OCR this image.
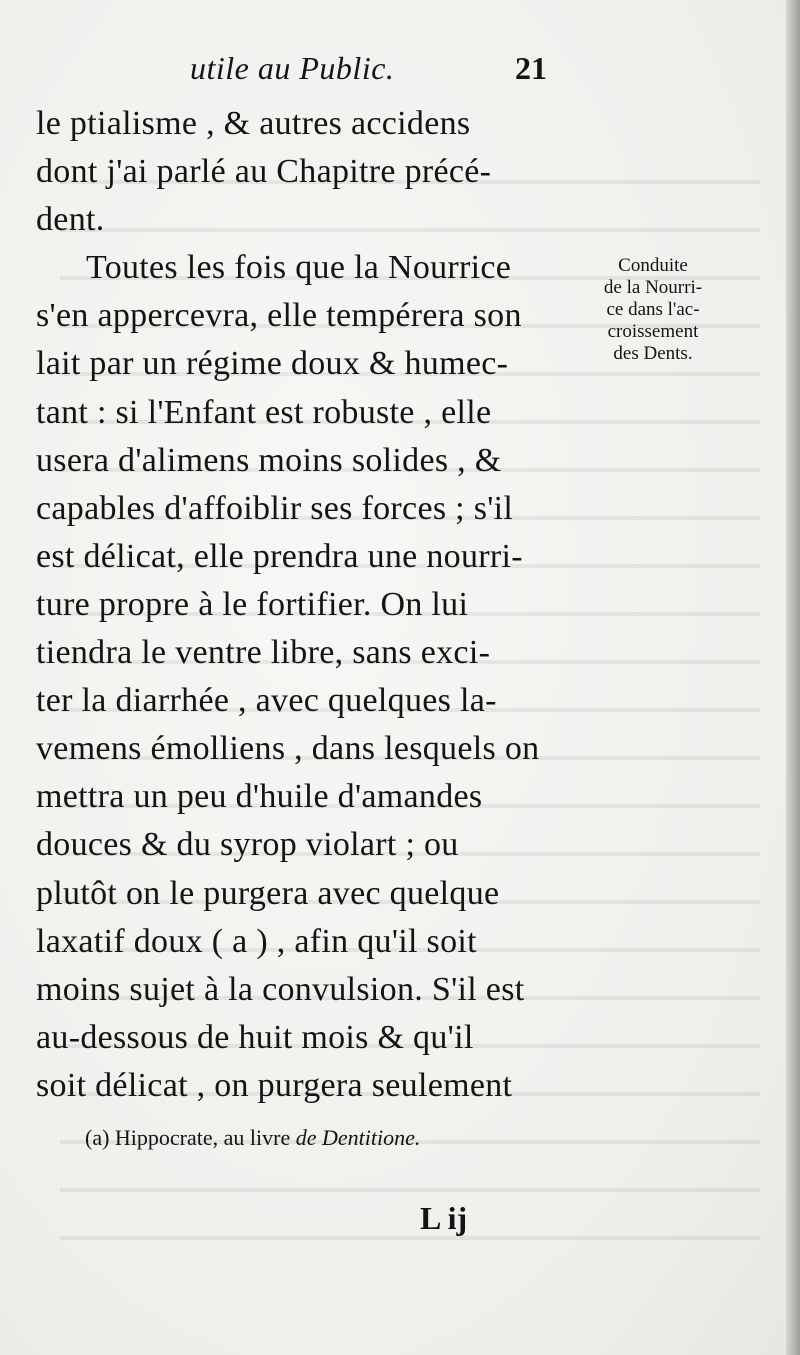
utile au Public.	21
le ptialisme , & autres accidens
dont j'ai parlé au Chapitre précé-
dent.
Toutes les fois que la Nourrice
s'en appercevra, elle tempérera son
lait par un régime doux & humec-
tant : si l'Enfant est robuste , elle
usera d'alimens moins solides , &
capables d'affoiblir ses forces ; s'il
est délicat, elle prendra une nourri-
ture propre à le fortifier. On lui
tiendra le ventre libre, sans exci-
ter la diarrhée , avec quelques la-
vemens émolliens , dans lesquels on
mettra un peu d'huile d'amandes
douces & du syrop violart ; ou
plutôt on le purgera avec quelque
laxatif doux ( a ) , afin qu'il soit
moins sujet à la convulsion. S'il est
au-dessous de huit mois & qu'il
soit délicat , on purgera seulement
Conduite
de la Nourri-
ce dans l'ac-
croissement
des Dents.
(a) Hippocrate, au livre de Dentitione.
L ij
